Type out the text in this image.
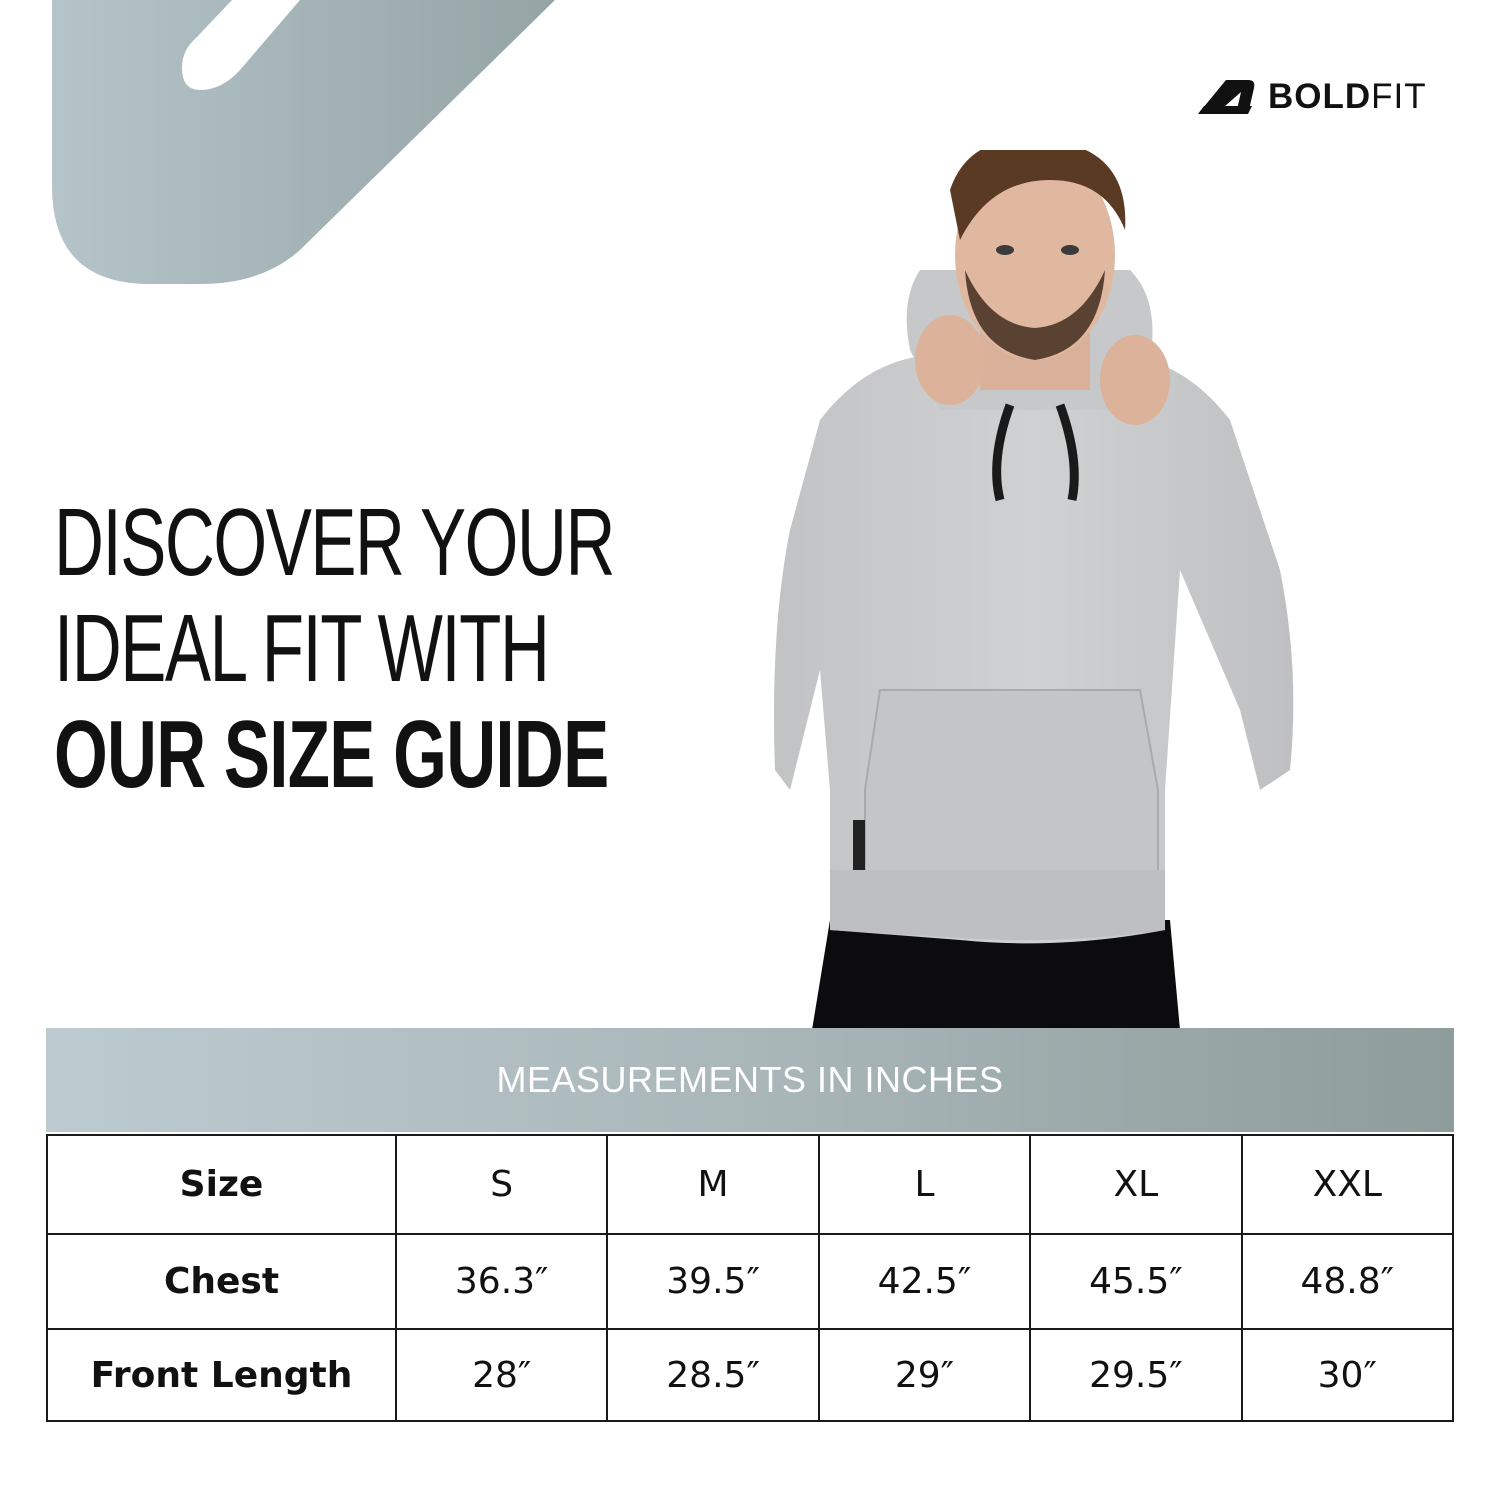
BOLDFIT
DISCOVER YOUR
IDEAL FIT WITH
OUR SIZE GUIDE
MEASUREMENTS IN INCHES
Size	S	M	L	XL	XXL
Chest	36.3″	39.5″	42.5″	45.5″	48.8″
Front Length	28″	28.5″	29″	29.5″	30″
